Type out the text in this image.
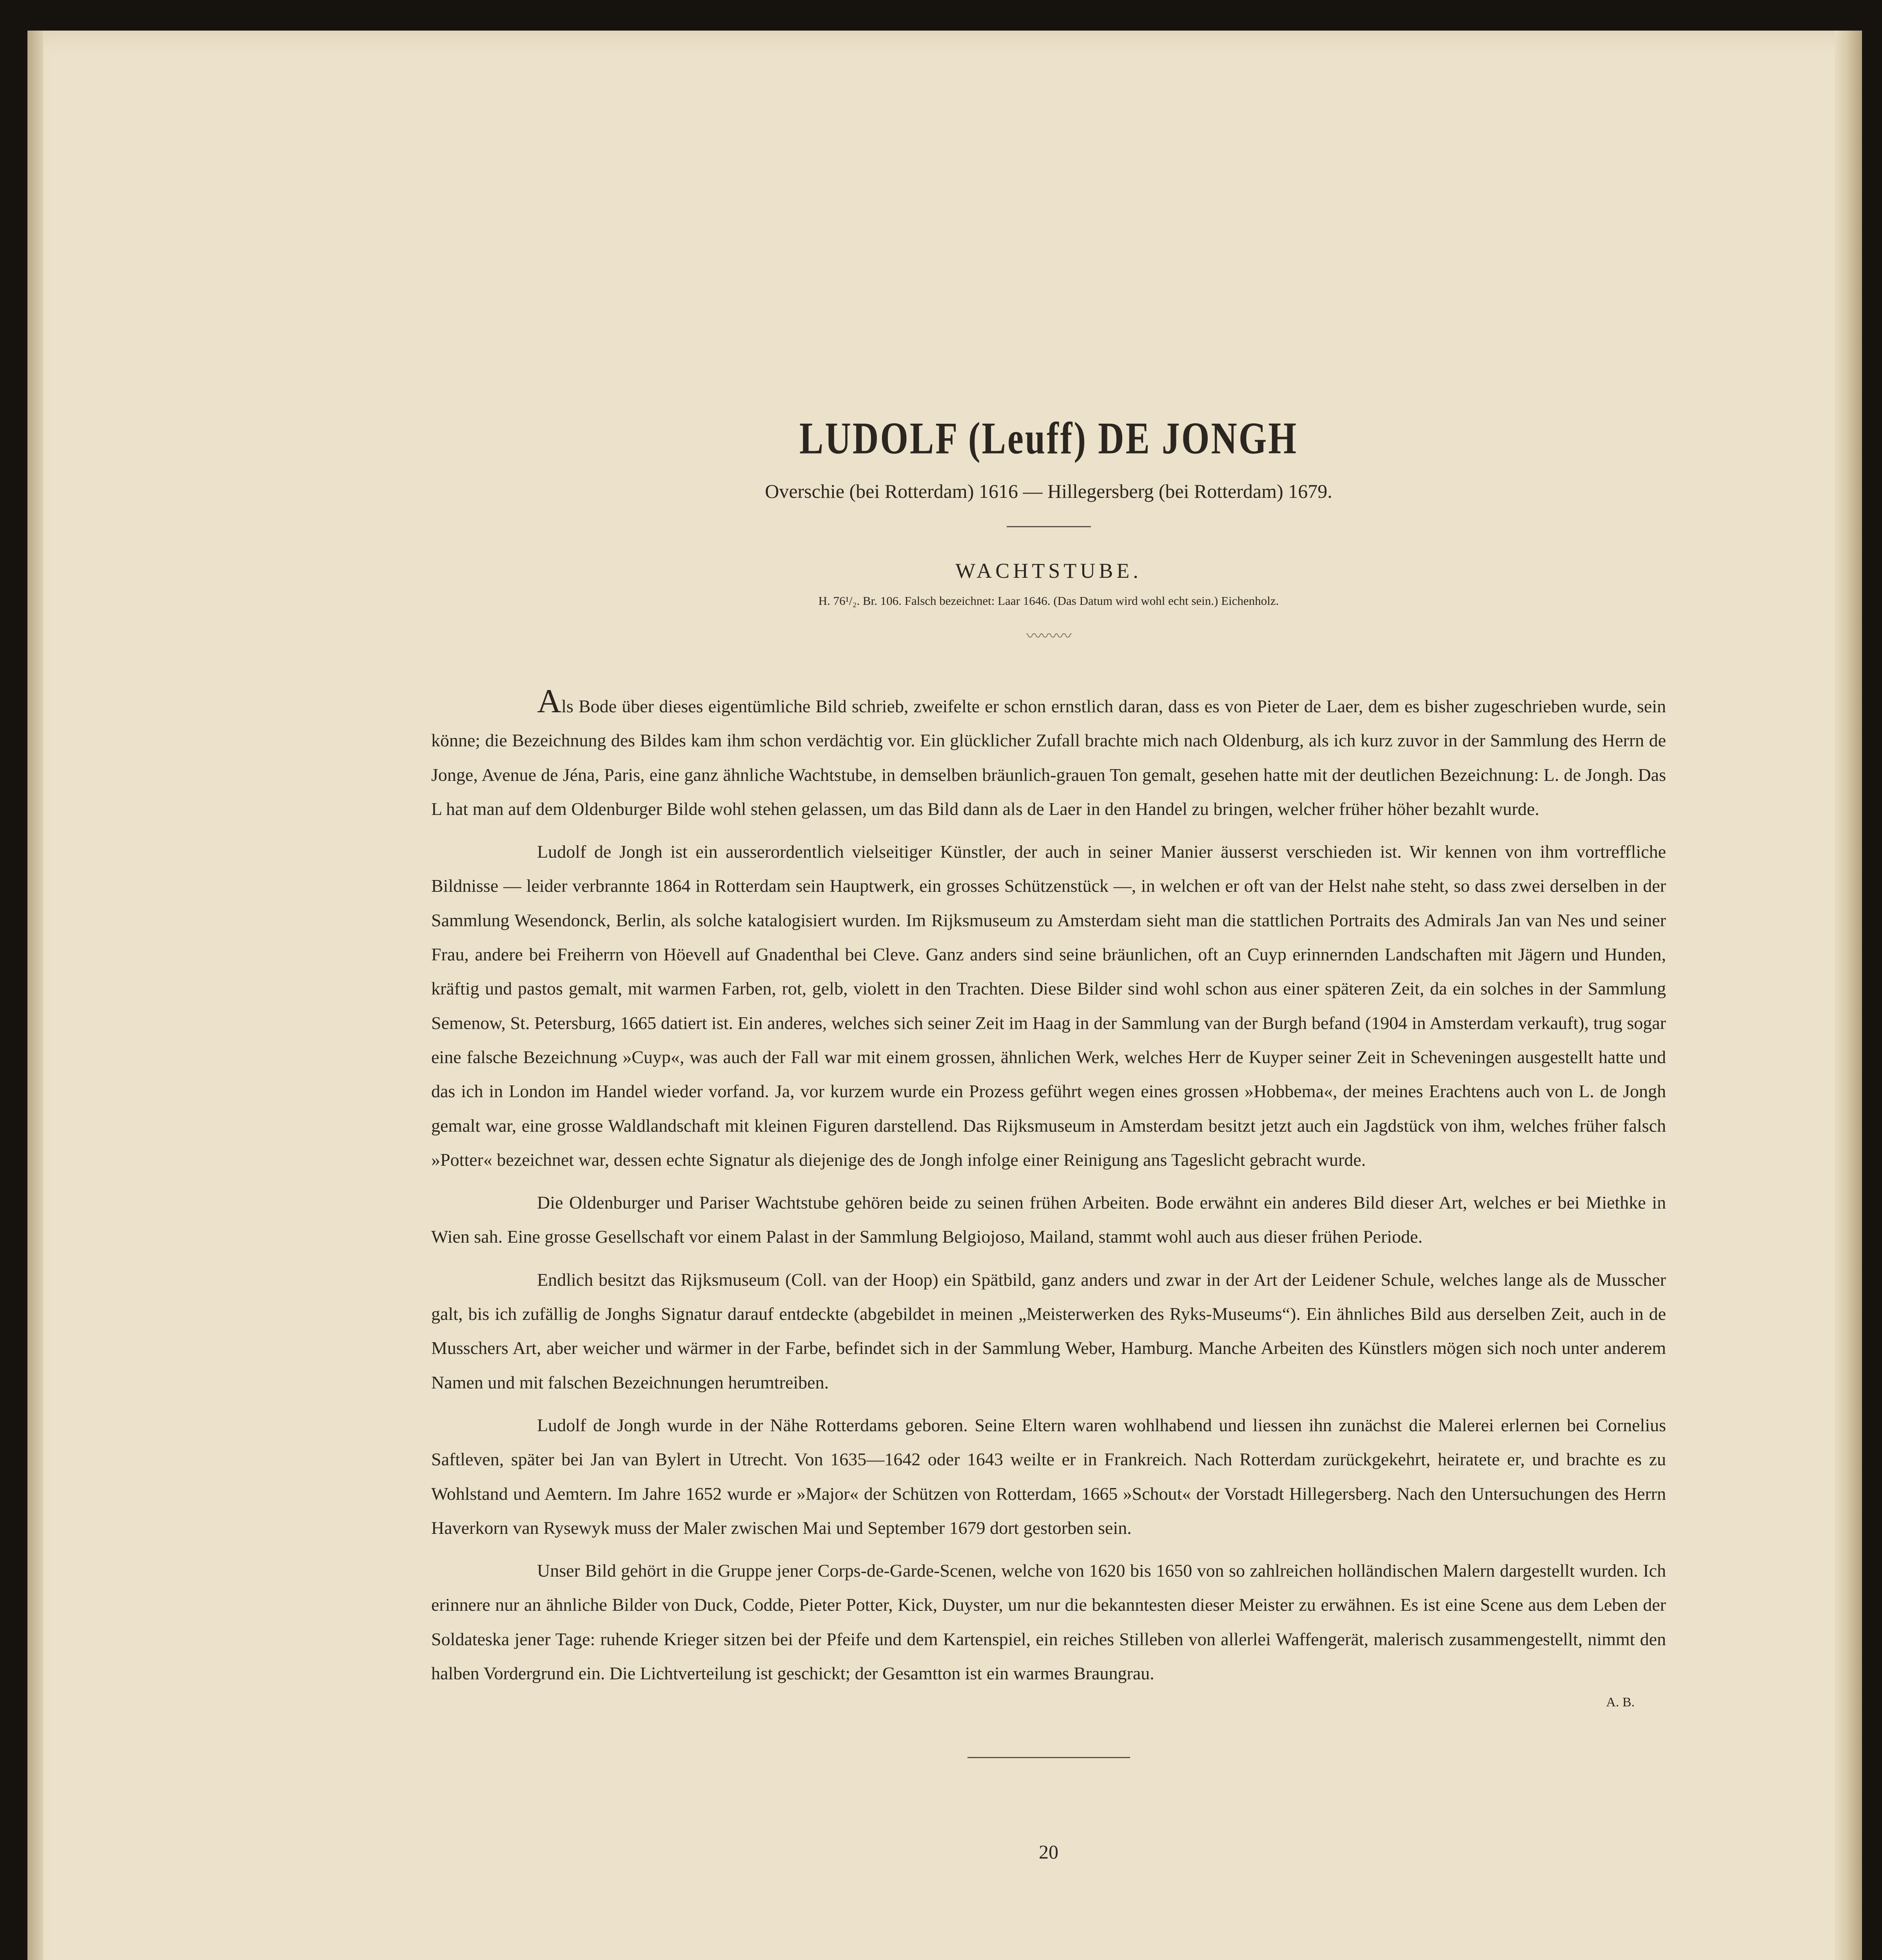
LUDOLF (Leuff) DE JONGH
Overschie (bei Rotterdam) 1616 — Hillegersberg (bei Rotterdam) 1679.
WACHTSTUBE.
H. 76¹/₂. Br. 106. Falsch bezeichnet: Laar 1646. (Das Datum wird wohl echt sein.) Eichenholz.
〰〰〰

Als Bode über dieses eigentümliche Bild schrieb, zweifelte er schon ernstlich daran, dass es von Pieter de Laer, dem es bisher zugeschrieben wurde, sein könne; die Bezeichnung des Bildes kam ihm schon verdächtig vor. Ein glücklicher Zufall brachte mich nach Oldenburg, als ich kurz zuvor in der Sammlung des Herrn de Jonge, Avenue de Jéna, Paris, eine ganz ähnliche Wachtstube, in demselben bräunlich-grauen Ton gemalt, gesehen hatte mit der deutlichen Bezeichnung: L. de Jongh. Das L hat man auf dem Oldenburger Bilde wohl stehen gelassen, um das Bild dann als de Laer in den Handel zu bringen, welcher früher höher bezahlt wurde.

Ludolf de Jongh ist ein ausserordentlich vielseitiger Künstler, der auch in seiner Manier äusserst verschieden ist. Wir kennen von ihm vortreffliche Bildnisse — leider verbrannte 1864 in Rotterdam sein Hauptwerk, ein grosses Schützenstück —, in welchen er oft van der Helst nahe steht, so dass zwei derselben in der Sammlung Wesendonck, Berlin, als solche katalogisiert wurden. Im Rijksmuseum zu Amsterdam sieht man die stattlichen Portraits des Admirals Jan van Nes und seiner Frau, andere bei Freiherrn von Höevell auf Gnadenthal bei Cleve. Ganz anders sind seine bräunlichen, oft an Cuyp erinnernden Landschaften mit Jägern und Hunden, kräftig und pastos gemalt, mit warmen Farben, rot, gelb, violett in den Trachten. Diese Bilder sind wohl schon aus einer späteren Zeit, da ein solches in der Sammlung Semenow, St. Petersburg, 1665 datiert ist. Ein anderes, welches sich seiner Zeit im Haag in der Sammlung van der Burgh befand (1904 in Amsterdam verkauft), trug sogar eine falsche Bezeichnung »Cuyp«, was auch der Fall war mit einem grossen, ähnlichen Werk, welches Herr de Kuyper seiner Zeit in Scheveningen ausgestellt hatte und das ich in London im Handel wieder vorfand. Ja, vor kurzem wurde ein Prozess geführt wegen eines grossen »Hobbema«, der meines Erachtens auch von L. de Jongh gemalt war, eine grosse Waldlandschaft mit kleinen Figuren darstellend. Das Rijksmuseum in Amsterdam besitzt jetzt auch ein Jagdstück von ihm, welches früher falsch »Potter« bezeichnet war, dessen echte Signatur als diejenige des de Jongh infolge einer Reinigung ans Tageslicht gebracht wurde.

Die Oldenburger und Pariser Wachtstube gehören beide zu seinen frühen Arbeiten. Bode erwähnt ein anderes Bild dieser Art, welches er bei Miethke in Wien sah. Eine grosse Gesellschaft vor einem Palast in der Sammlung Belgiojoso, Mailand, stammt wohl auch aus dieser frühen Periode.

Endlich besitzt das Rijksmuseum (Coll. van der Hoop) ein Spätbild, ganz anders und zwar in der Art der Leidener Schule, welches lange als de Musscher galt, bis ich zufällig de Jonghs Signatur darauf entdeckte (abgebildet in meinen „Meisterwerken des Ryks-Museums“). Ein ähnliches Bild aus derselben Zeit, auch in de Musschers Art, aber weicher und wärmer in der Farbe, befindet sich in der Sammlung Weber, Hamburg. Manche Arbeiten des Künstlers mögen sich noch unter anderem Namen und mit falschen Bezeichnungen herumtreiben.

Ludolf de Jongh wurde in der Nähe Rotterdams geboren. Seine Eltern waren wohlhabend und liessen ihn zunächst die Malerei erlernen bei Cornelius Saftleven, später bei Jan van Bylert in Utrecht. Von 1635—1642 oder 1643 weilte er in Frankreich. Nach Rotterdam zurückgekehrt, heiratete er, und brachte es zu Wohlstand und Aemtern. Im Jahre 1652 wurde er »Major« der Schützen von Rotterdam, 1665 »Schout« der Vorstadt Hillegersberg. Nach den Untersuchungen des Herrn Haverkorn van Rysewyk muss der Maler zwischen Mai und September 1679 dort gestorben sein.

Unser Bild gehört in die Gruppe jener Corps-de-Garde-Scenen, welche von 1620 bis 1650 von so zahlreichen holländischen Malern dargestellt wurden. Ich erinnere nur an ähnliche Bilder von Duck, Codde, Pieter Potter, Kick, Duyster, um nur die bekanntesten dieser Meister zu erwähnen. Es ist eine Scene aus dem Leben der Soldateska jener Tage: ruhende Krieger sitzen bei der Pfeife und dem Kartenspiel, ein reiches Stilleben von allerlei Waffengerät, malerisch zusammengestellt, nimmt den halben Vordergrund ein. Die Lichtverteilung ist geschickt; der Gesamtton ist ein warmes Braungrau.

A. B.
20
